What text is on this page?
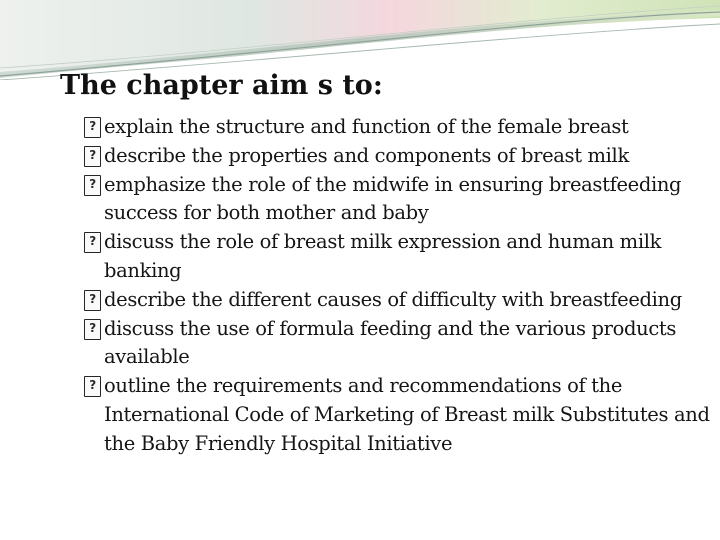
The chapter aim s to:
?
explain the structure and function of the female breast
?
describe the properties and components of breast milk
?
emphasize the role of the midwife in ensuring breastfeeding success for both mother and baby
?
discuss the role of breast milk expression and human milk banking
?
describe the different causes of difficulty with breastfeeding
?
discuss the use of formula feeding and the various products available
?
outline the requirements and recommendations of the International Code of Marketing of Breast milk Substitutes and the Baby Friendly Hospital Initiative
